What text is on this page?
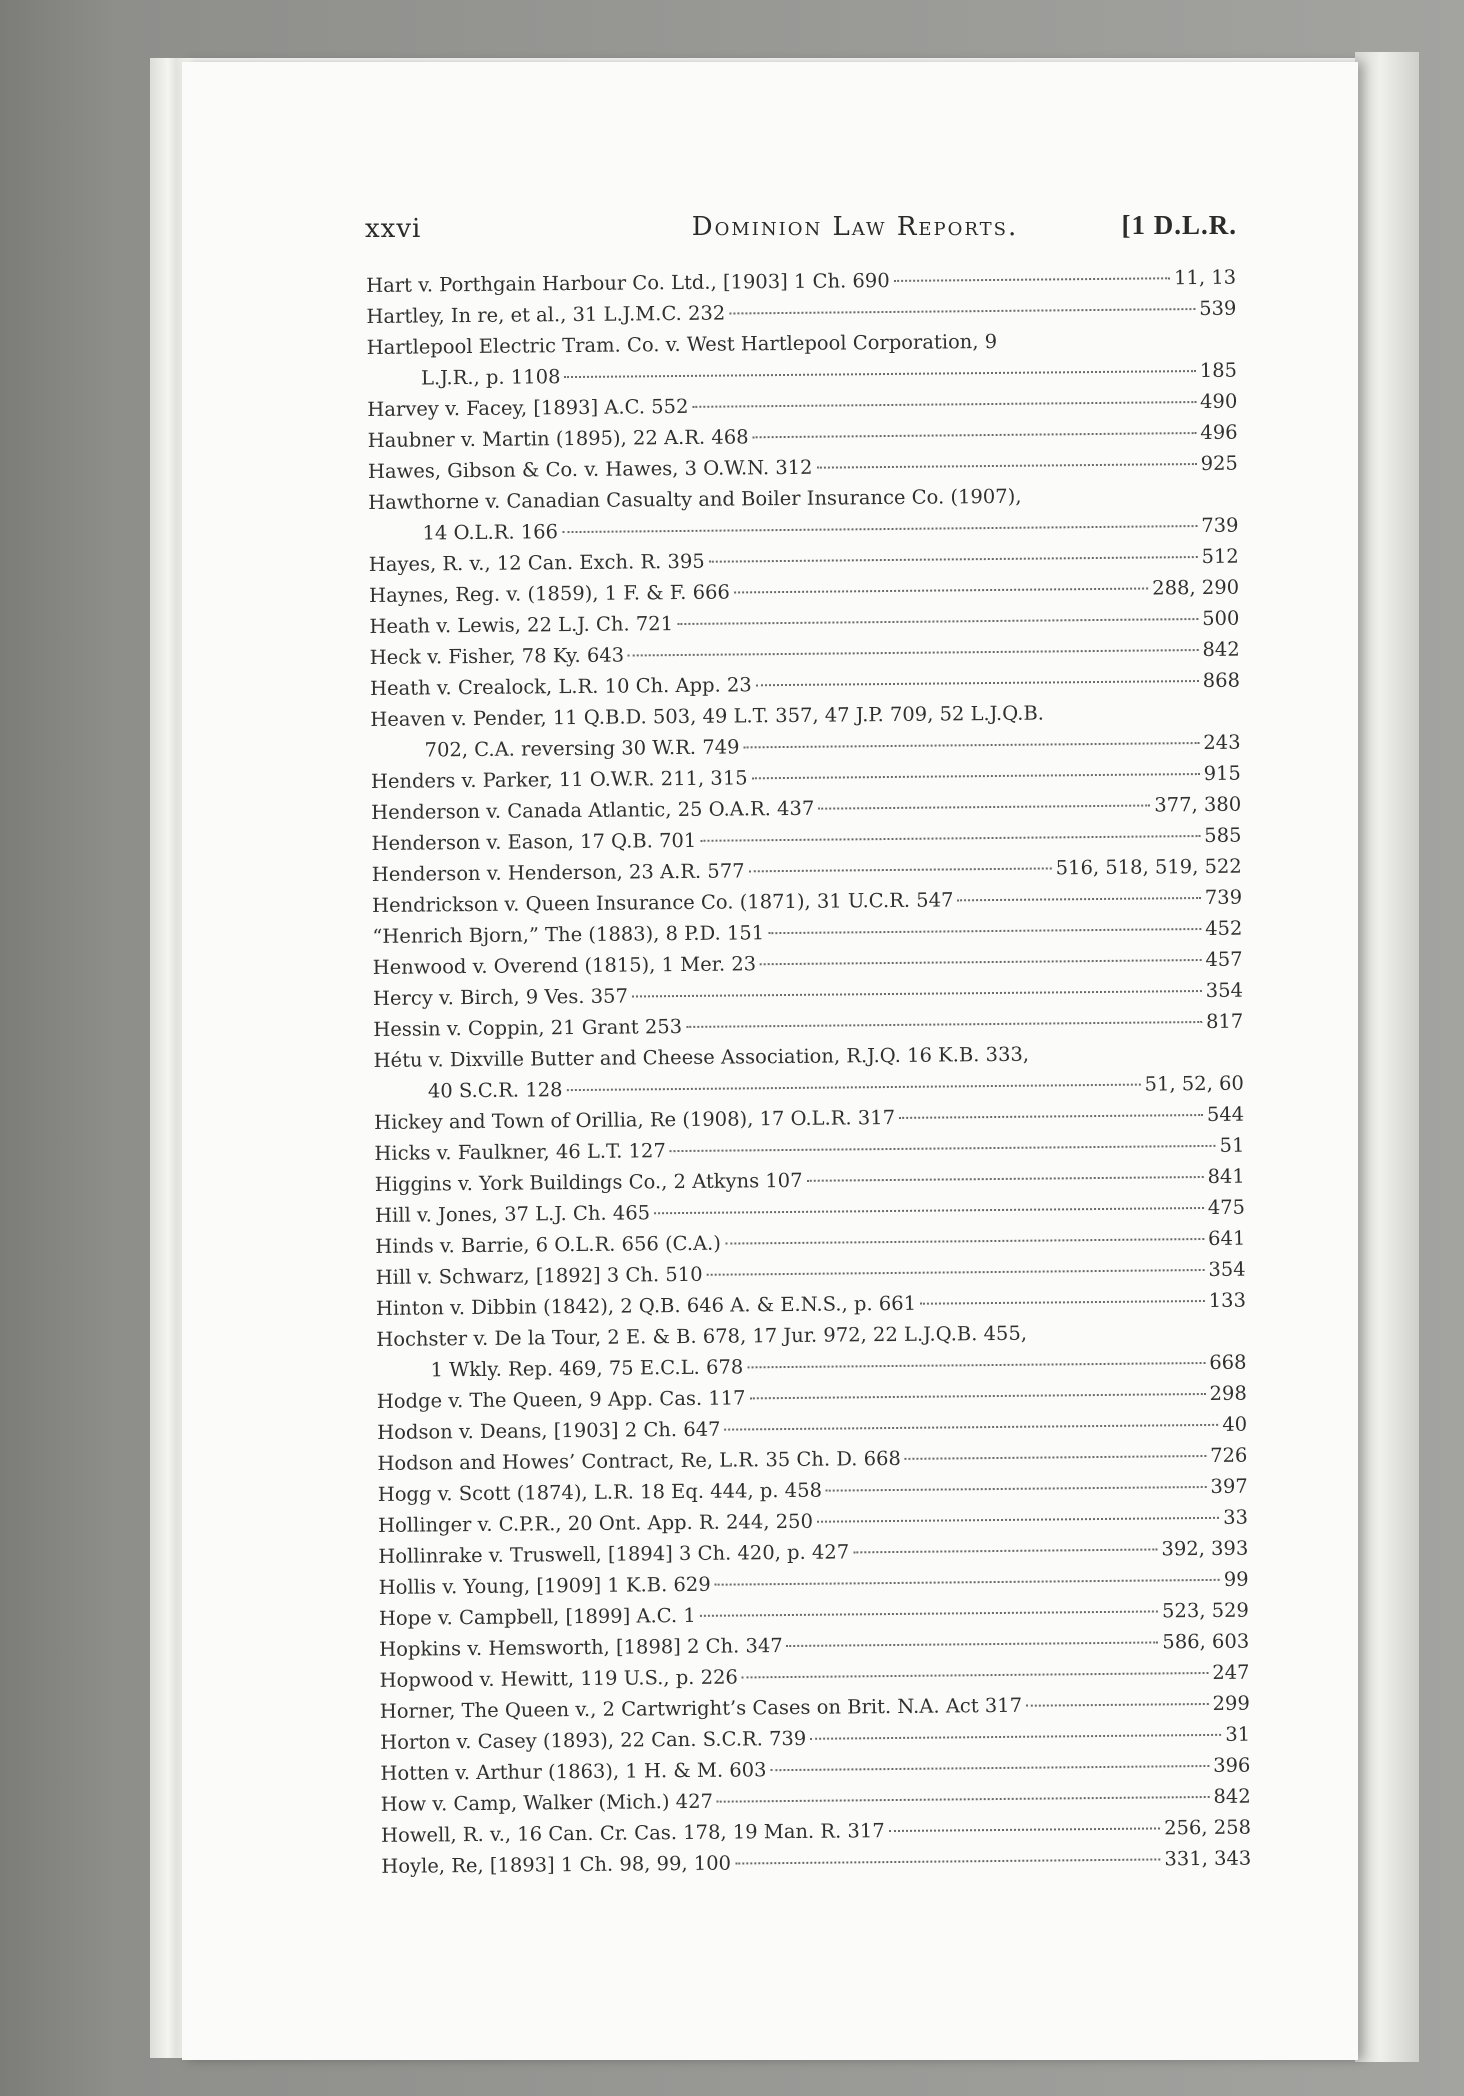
xxvi	Dominion Law Reports.	[1 D.L.R.
Hart v. Porthgain Harbour Co. Ltd., [1903] 1 Ch. 690	11, 13
Hartley, In re, et al., 31 L.J.M.C. 232	539
Hartlepool Electric Tram. Co. v. West Hartlepool Corporation, 9
L.J.R., p. 1108	185
Harvey v. Facey, [1893] A.C. 552	490
Haubner v. Martin (1895), 22 A.R. 468	496
Hawes, Gibson & Co. v. Hawes, 3 O.W.N. 312	925
Hawthorne v. Canadian Casualty and Boiler Insurance Co. (1907),
14 O.L.R. 166	739
Hayes, R. v., 12 Can. Exch. R. 395	512
Haynes, Reg. v. (1859), 1 F. & F. 666	288, 290
Heath v. Lewis, 22 L.J. Ch. 721	500
Heck v. Fisher, 78 Ky. 643	842
Heath v. Crealock, L.R. 10 Ch. App. 23	868
Heaven v. Pender, 11 Q.B.D. 503, 49 L.T. 357, 47 J.P. 709, 52 L.J.Q.B.
702, C.A. reversing 30 W.R. 749	243
Henders v. Parker, 11 O.W.R. 211, 315	915
Henderson v. Canada Atlantic, 25 O.A.R. 437	377, 380
Henderson v. Eason, 17 Q.B. 701	585
Henderson v. Henderson, 23 A.R. 577	516, 518, 519, 522
Hendrickson v. Queen Insurance Co. (1871), 31 U.C.R. 547	739
“Henrich Bjorn,” The (1883), 8 P.D. 151	452
Henwood v. Overend (1815), 1 Mer. 23	457
Hercy v. Birch, 9 Ves. 357	354
Hessin v. Coppin, 21 Grant 253	817
Hétu v. Dixville Butter and Cheese Association, R.J.Q. 16 K.B. 333,
40 S.C.R. 128	51, 52, 60
Hickey and Town of Orillia, Re (1908), 17 O.L.R. 317	544
Hicks v. Faulkner, 46 L.T. 127	51
Higgins v. York Buildings Co., 2 Atkyns 107	841
Hill v. Jones, 37 L.J. Ch. 465	475
Hinds v. Barrie, 6 O.L.R. 656 (C.A.)	641
Hill v. Schwarz, [1892] 3 Ch. 510	354
Hinton v. Dibbin (1842), 2 Q.B. 646 A. & E.N.S., p. 661	133
Hochster v. De la Tour, 2 E. & B. 678, 17 Jur. 972, 22 L.J.Q.B. 455,
1 Wkly. Rep. 469, 75 E.C.L. 678	668
Hodge v. The Queen, 9 App. Cas. 117	298
Hodson v. Deans, [1903] 2 Ch. 647	40
Hodson and Howes’ Contract, Re, L.R. 35 Ch. D. 668	726
Hogg v. Scott (1874), L.R. 18 Eq. 444, p. 458	397
Hollinger v. C.P.R., 20 Ont. App. R. 244, 250	33
Hollinrake v. Truswell, [1894] 3 Ch. 420, p. 427	392, 393
Hollis v. Young, [1909] 1 K.B. 629	99
Hope v. Campbell, [1899] A.C. 1	523, 529
Hopkins v. Hemsworth, [1898] 2 Ch. 347	586, 603
Hopwood v. Hewitt, 119 U.S., p. 226	247
Horner, The Queen v., 2 Cartwright’s Cases on Brit. N.A. Act 317	299
Horton v. Casey (1893), 22 Can. S.C.R. 739	31
Hotten v. Arthur (1863), 1 H. & M. 603	396
How v. Camp, Walker (Mich.) 427	842
Howell, R. v., 16 Can. Cr. Cas. 178, 19 Man. R. 317	256, 258
Hoyle, Re, [1893] 1 Ch. 98, 99, 100	331, 343
